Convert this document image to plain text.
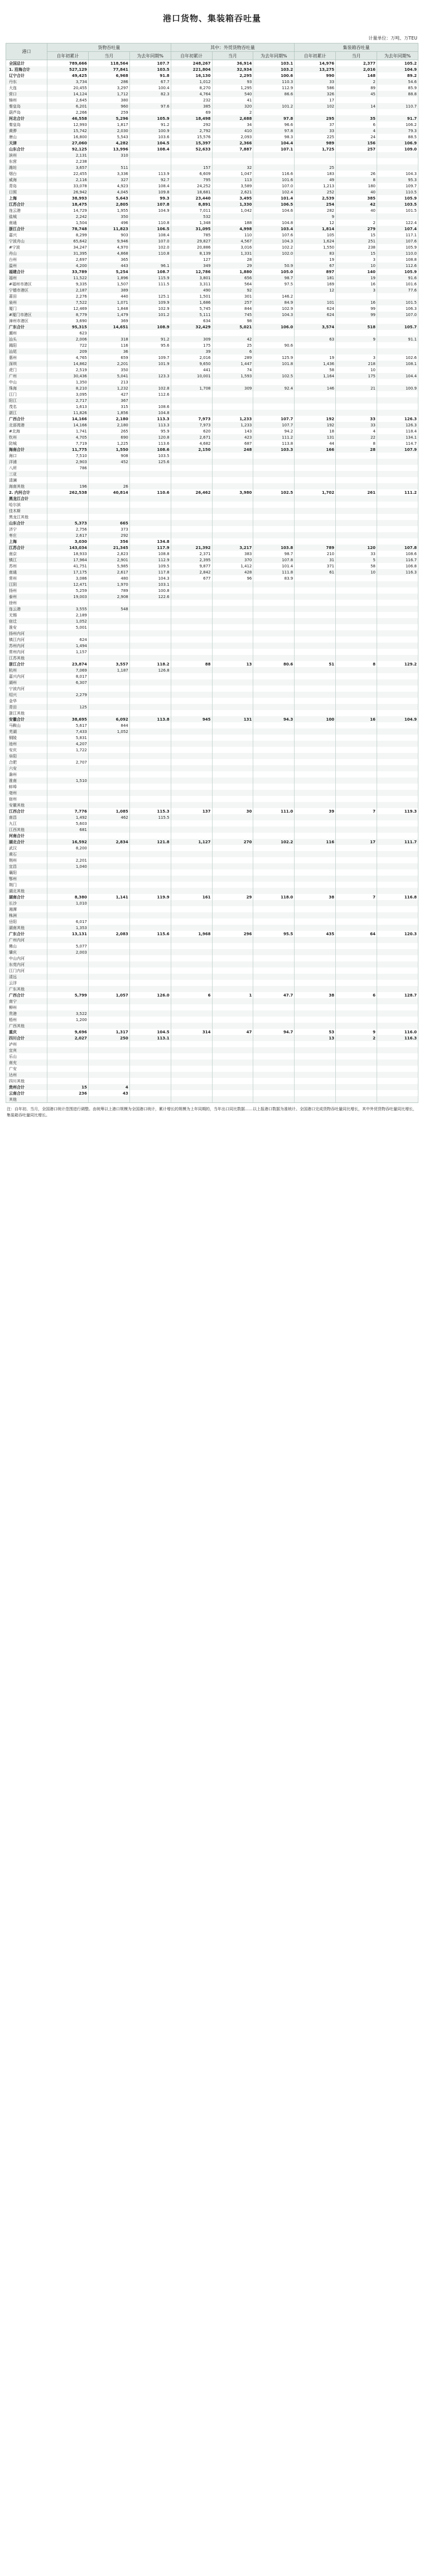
港口货物、集装箱吞吐量
计量单位：万吨、万TEU
港口	货物吞吐量			其中：外贸货物吞吐量			集装箱吞吐量		
	自年初累计	当月	为去年同期%	自年初累计	当月	为去年同期%	自年初累计	当月	为去年同期%
全国总计	789,666	118,564	107.7	248,267	36,914	103.1	14,976	2,377	105.2
1. 沿海合计	527,129	77,841	103.5	221,804	32,934	103.2	13,275	2,016	104.9
辽宁合计	49,425	6,968	91.8	16,130	2,295	100.6	990	148	89.2
丹东	3,734	286	67.7	1,012	93	110.3	33	2	54.6
大连	20,455	3,297	100.4	8,270	1,295	112.9	586	89	85.9
营口	14,124	1,712	82.3	4,764	540	86.6	326	45	88.8
锦州	2,645	380		232	41		17		
秦皇岛	6,201	960	97.6	385	320	101.2	102	14	110.7
葫芦岛	2,266	259		69	2				
河北合计	46,558	5,296	105.9	18,498	2,688	97.8	295	35	91.7
秦皇岛	12,993	1,817	91.2	292	34	96.6	37	6	106.2
黄骅	15,742	2,030	100.9	2,792	410	97.8	33	4	79.3
唐山	16,800	5,543	103.6	15,576	2,093	98.3	225	24	88.5
天津	27,060	4,282	104.5	15,397	2,366	104.4	989	156	106.9
山东合计	92,125	13,996	108.4	52,633	7,887	107.1	1,725	257	109.0
滨州	2,131	310							
东营	2,238								
潍坊	3,657	511		157	32		25		
烟台	22,455	3,336	113.9	6,609	1,047	116.6	183	26	104.3
威海	2,116	327	92.7	795	113	101.6	49	8	95.3
青岛	33,078	4,923	108.4	24,252	3,589	107.0	1,213	180	109.7
日照	26,942	4,045	109.8	18,681	2,621	102.4	252	40	110.5
上海	38,993	5,643	99.3	23,440	3,495	101.4	2,539	385	105.9
江苏合计	18,475	2,805	107.8	8,891	1,330	106.5	254	42	103.5
连云港	14,729	1,955	104.9	7,011	1,042	104.6	282	40	101.5
盐城	2,242	350		532			9		
南通	1,504	496	110.8	1,348	188	104.8	12	2	122.4
浙江合计	78,748	11,823	106.5	31,095	4,998	103.4	1,814	279	107.4
嘉兴	8,299	903	108.4	785	110	107.6	105	15	117.1
宁波舟山	65,642	9,946	107.0	29,827	4,567	104.3	1,624	251	107.6
#宁波	34,247	4,970	102.0	20,886	3,016	102.2	1,550	238	105.9
舟山	31,395	4,868	110.8	8,139	1,331	102.0	83	15	110.0
台州	2,697	365		127	28		19	3	108.8
温州	4,200	443	96.1	349	29	50.9	67	10	112.6
福建合计	33,789	5,254	108.7	12,786	1,880	105.0	897	140	105.9
福州	11,522	1,896	115.9	3,801	656	98.7	181	19	91.6
#福州市港区	9,335	1,507	111.5	3,311	564	97.5	169	16	101.6
宁德市港区	2,187	389		490	92		12	3	77.6
莆田	2,276	440	125.1	1,501	301	146.2			
泉州	7,522	1,071	109.9	1,686	257	84.9	101	16	101.5
厦门	12,469	1,848	102.9	5,745	844	102.9	624	99	106.3
#厦门市港区	8,779	1,479	101.2	5,111	745	104.3	624	99	107.0
漳州市港区	3,690	369		634	98				
广东合计	95,315	14,651	108.9	32,429	5,021	106.0	3,574	518	105.7
潮州	623								
汕头	2,006	318	91.2	309	42		63	9	91.1
揭阳	722	116	95.6	175	25	90.6			
汕尾	209	36		39	6				
惠州	4,765	659	109.7	2,016	289	125.9	19	3	102.6
深圳	14,862	2,201	101.9	9,650	1,447	101.8	1,436	218	108.1
虎门	2,519	350		441	74		58	10	
广州	30,436	5,041	123.3	10,001	1,593	102.5	1,164	175	104.4
中山	1,350	213							
珠海	8,210	1,232	102.8	1,708	309	92.4	146	21	100.9
江门	3,095	427	112.6						
阳江	2,717	367							
茂名	1,613	315	108.6						
湛江	11,826	1,856	104.8						
广西合计	14,166	2,180	113.3	7,973	1,233	107.7	192	33	126.3
北部湾港	14,166	2,180	113.3	7,973	1,233	107.7	192	33	126.3
#北海	1,741	265	95.9	620	143	94.2	18	4	118.4
钦州	4,705	690	120.8	2,671	423	111.2	131	22	134.1
防城	7,719	1,225	113.6	4,682	687	113.8	44	8	114.7
海南合计	11,775	1,550	108.6	2,150	248	103.3	166	28	107.9
海口	7,510	908	103.5						
洋浦	2,903	452	125.6						
八所	786								
三亚									
清澜									
海南其他	196	26							
2. 内河合计	262,538	40,814	110.6	26,462	3,980	102.5	1,702	261	111.2
黑龙江合计									
哈尔滨									
佳木斯									
黑龙江其他									
山东合计	5,373	665							
济宁	2,756	373							
枣庄	2,617	292							
上海	3,030	356	134.8						
江苏合计	143,034	21,345	117.9	21,392	3,217	103.8	789	120	107.8
南京	18,933	2,823	108.8	2,371	383	98.7	210	33	108.6
镇江	17,964	2,901	112.9	2,395	370	107.8	31	5	116.7
苏州	41,751	5,985	109.5	9,877	1,412	101.4	371	58	106.8
南通	17,175	2,617	117.8	2,842	428	111.8	61	10	116.3
常州	3,086	480	104.3	677	96	83.9			
江阴	12,471	1,970	103.1						
扬州	5,259	789	100.8						
泰州	19,003	2,908	122.6						
徐州									
连云港	3,555	548							
无锡	2,189								
宿迁	1,052								
淮安	5,001								
扬州内河									
镇江内河	624								
苏州内河	1,494								
常州内河	1,157								
江苏其他									
浙江合计	23,874	3,557	118.2	88	13	80.6	51	8	129.2
杭州	7,069	1,187	126.8						
嘉兴内河	8,017								
湖州	6,307								
宁波内河									
绍兴	2,279								
金华									
青田	125								
浙江其他									
安徽合计	38,695	6,092	113.8	945	131	94.3	100	16	104.9
马鞍山	5,617	844							
芜湖	7,433	1,052							
铜陵	5,831								
池州	4,207								
安庆	1,722								
阜阳									
合肥	2,707								
六安									
滁州									
淮南	1,510								
蚌埠									
亳州									
宿州									
安徽其他									
江西合计	7,776	1,085	115.3	137	30	111.0	39	7	119.3
南昌	1,492	462	115.5						
九江	5,603								
江西其他	681								
河南合计									
湖北合计	16,592	2,834	121.8	1,127	270	102.2	116	17	111.7
武汉	8,200								
黄石									
荆州	2,201								
宜昌	1,040								
襄阳									
鄂州									
荆门									
湖北其他									
湖南合计	8,380	1,141	119.9	161	29	118.0	38	7	116.8
长沙	1,010								
湘潭									
株洲									
岳阳	6,017								
湖南其他	1,353								
广东合计	13,131	2,083	115.6	1,968	296	95.5	435	64	120.3
广州内河									
佛山	5,077								
肇庆	2,003								
中山内河									
东莞内河									
江门内河									
清远									
云浮									
广东其他									
广西合计	5,799	1,057	126.0	6	1	47.7	38	6	128.7
南宁									
柳州									
贵港	3,522								
梧州	1,200								
广西其他									
重庆	9,696	1,317	104.5	314	47	94.7	53	9	116.0
四川合计	2,027	250	113.1				13	2	116.3
泸州									
宜宾									
乐山									
南充									
广安									
达州									
四川其他									
贵州合计	15	4							
云南合计	236	43							
其他									
注：自年初、当月，全国港口统计范围进行调整。由统筹以上港口规模为全国港口统计，累计增长的规模为上年同期的，当年出口同比数据……以上报港口数据为准统计。全国港口完成货物吞吐量同比增长，其中外贸货物吞吐量同比增长，集装箱吞吐量同比增长。
